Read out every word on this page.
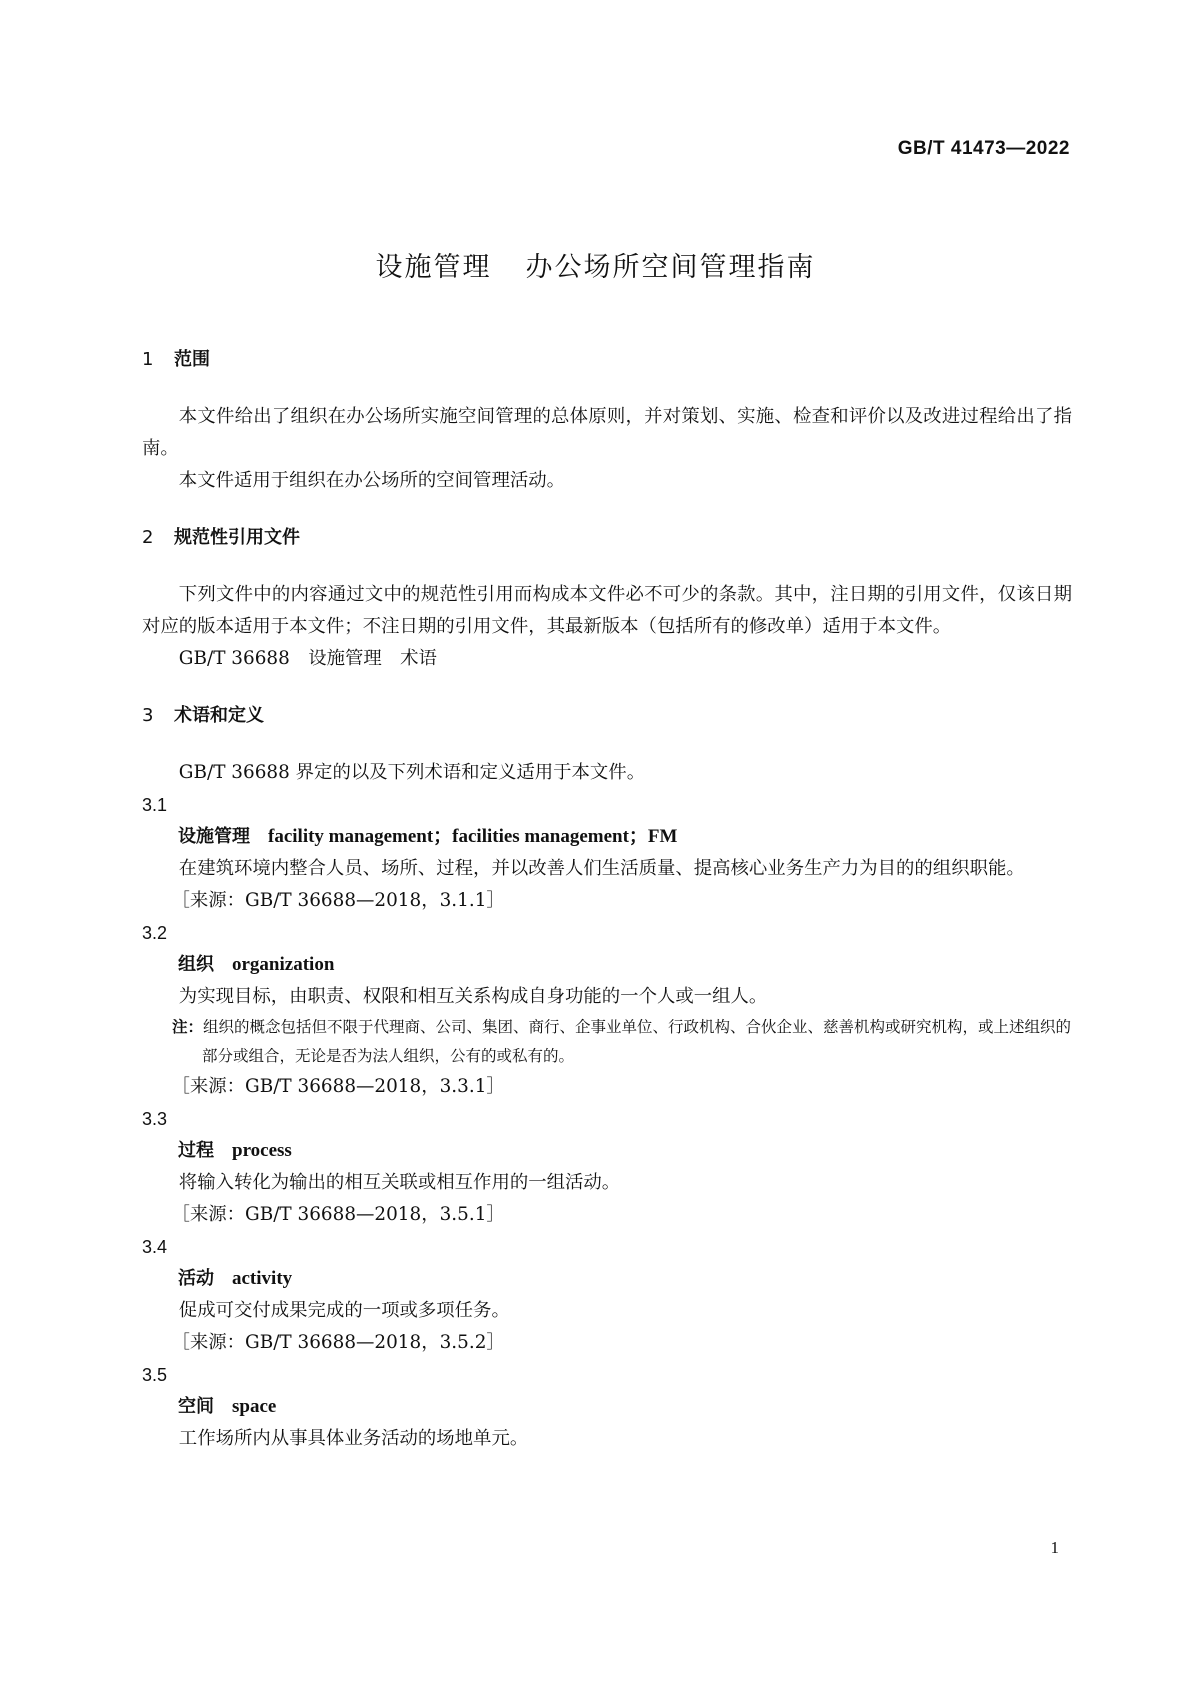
GB/T 41473—2022
设施管理 办公场所空间管理指南
1 范围
本文件给出了组织在办公场所实施空间管理的总体原则，并对策划、实施、检查和评价以及改进过程给出了指南。
本文件适用于组织在办公场所的空间管理活动。
2 规范性引用文件
下列文件中的内容通过文中的规范性引用而构成本文件必不可少的条款。其中，注日期的引用文件，仅该日期对应的版本适用于本文件；不注日期的引用文件，其最新版本（包括所有的修改单）适用于本文件。
GB/T 36688　设施管理　术语
3 术语和定义
GB/T 36688 界定的以及下列术语和定义适用于本文件。
3.1
设施管理 facility management；facilities management；FM
在建筑环境内整合人员、场所、过程，并以改善人们生活质量、提高核心业务生产力为目的的组织职能。
［来源：GB/T 36688—2018，3.1.1］
3.2
组织 organization
为实现目标，由职责、权限和相互关系构成自身功能的一个人或一组人。
注：组织的概念包括但不限于代理商、公司、集团、商行、企事业单位、行政机构、合伙企业、慈善机构或研究机构，或上述组织的部分或组合，无论是否为法人组织，公有的或私有的。
［来源：GB/T 36688—2018，3.3.1］
3.3
过程 process
将输入转化为输出的相互关联或相互作用的一组活动。
［来源：GB/T 36688—2018，3.5.1］
3.4
活动 activity
促成可交付成果完成的一项或多项任务。
［来源：GB/T 36688—2018，3.5.2］
3.5
空间 space
工作场所内从事具体业务活动的场地单元。
1
